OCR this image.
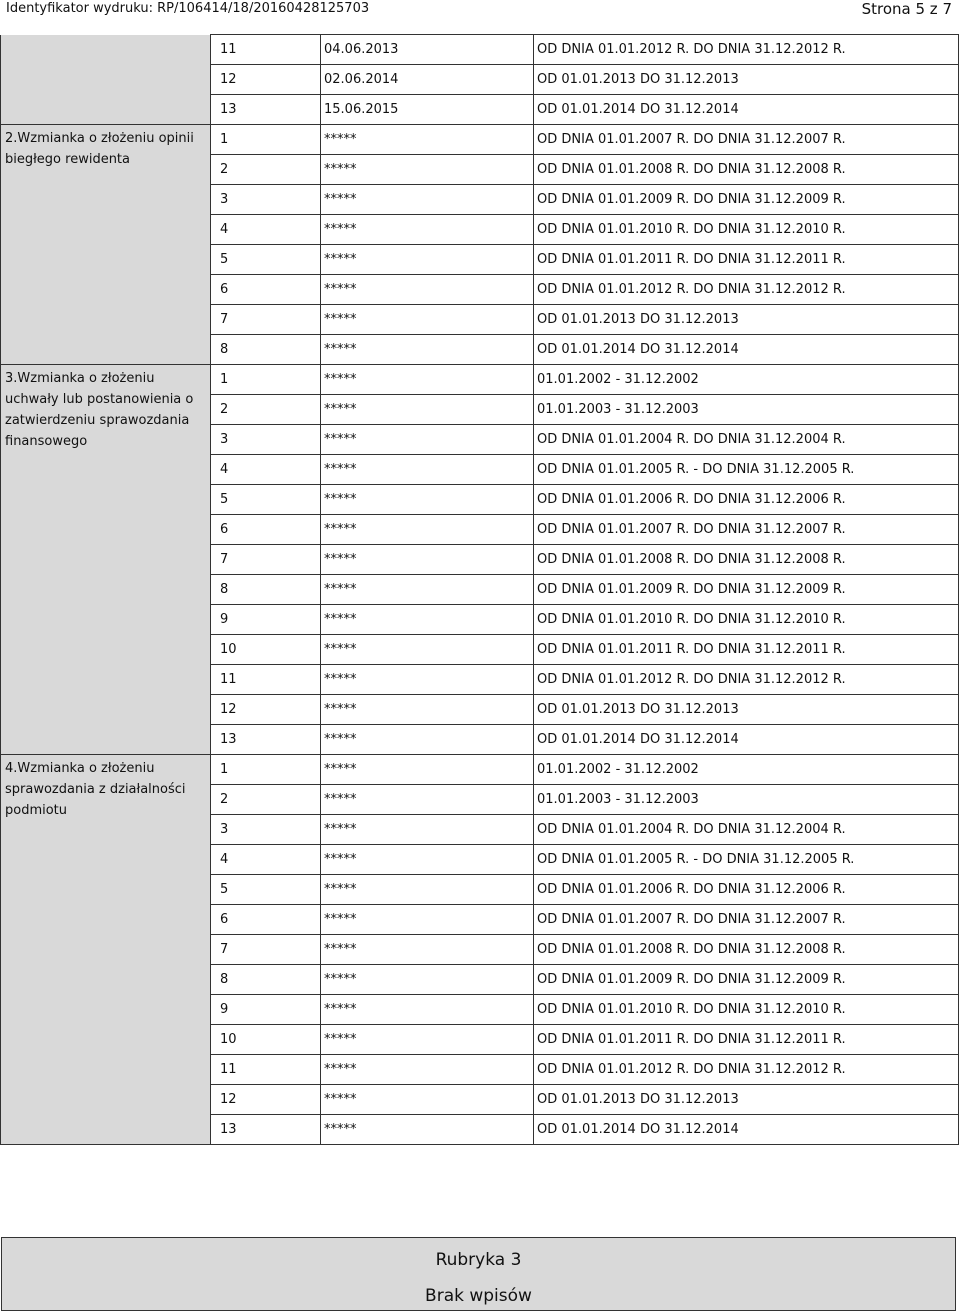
Identyfikator wydruku: RP/106414/18/20160428125703	Strona 5 z 7
	11	04.06.2013	OD DNIA 01.01.2012 R. DO DNIA 31.12.2012 R.
	12	02.06.2014	OD 01.01.2013 DO 31.12.2013
	13	15.06.2015	OD 01.01.2014 DO 31.12.2014
2.Wzmianka o złożeniu opinii biegłego rewidenta	1	*****	OD DNIA 01.01.2007 R. DO DNIA 31.12.2007 R.
	2	*****	OD DNIA 01.01.2008 R. DO DNIA 31.12.2008 R.
	3	*****	OD DNIA 01.01.2009 R. DO DNIA 31.12.2009 R.
	4	*****	OD DNIA 01.01.2010 R. DO DNIA 31.12.2010 R.
	5	*****	OD DNIA 01.01.2011 R. DO DNIA 31.12.2011 R.
	6	*****	OD DNIA 01.01.2012 R. DO DNIA 31.12.2012 R.
	7	*****	OD 01.01.2013 DO 31.12.2013
	8	*****	OD 01.01.2014 DO 31.12.2014
3.Wzmianka o złożeniu uchwały lub postanowienia o zatwierdzeniu sprawozdania finansowego	1	*****	01.01.2002 - 31.12.2002
	2	*****	01.01.2003 - 31.12.2003
	3	*****	OD DNIA 01.01.2004 R. DO DNIA 31.12.2004 R.
	4	*****	OD DNIA 01.01.2005 R. - DO DNIA 31.12.2005 R.
	5	*****	OD DNIA 01.01.2006 R. DO DNIA 31.12.2006 R.
	6	*****	OD DNIA 01.01.2007 R. DO DNIA 31.12.2007 R.
	7	*****	OD DNIA 01.01.2008 R. DO DNIA 31.12.2008 R.
	8	*****	OD DNIA 01.01.2009 R. DO DNIA 31.12.2009 R.
	9	*****	OD DNIA 01.01.2010 R. DO DNIA 31.12.2010 R.
	10	*****	OD DNIA 01.01.2011 R. DO DNIA 31.12.2011 R.
	11	*****	OD DNIA 01.01.2012 R. DO DNIA 31.12.2012 R.
	12	*****	OD 01.01.2013 DO 31.12.2013
	13	*****	OD 01.01.2014 DO 31.12.2014
4.Wzmianka o złożeniu sprawozdania z działalności podmiotu	1	*****	01.01.2002 - 31.12.2002
	2	*****	01.01.2003 - 31.12.2003
	3	*****	OD DNIA 01.01.2004 R. DO DNIA 31.12.2004 R.
	4	*****	OD DNIA 01.01.2005 R. - DO DNIA 31.12.2005 R.
	5	*****	OD DNIA 01.01.2006 R. DO DNIA 31.12.2006 R.
	6	*****	OD DNIA 01.01.2007 R. DO DNIA 31.12.2007 R.
	7	*****	OD DNIA 01.01.2008 R. DO DNIA 31.12.2008 R.
	8	*****	OD DNIA 01.01.2009 R. DO DNIA 31.12.2009 R.
	9	*****	OD DNIA 01.01.2010 R. DO DNIA 31.12.2010 R.
	10	*****	OD DNIA 01.01.2011 R. DO DNIA 31.12.2011 R.
	11	*****	OD DNIA 01.01.2012 R. DO DNIA 31.12.2012 R.
	12	*****	OD 01.01.2013 DO 31.12.2013
	13	*****	OD 01.01.2014 DO 31.12.2014
Rubryka 3
Brak wpisów
